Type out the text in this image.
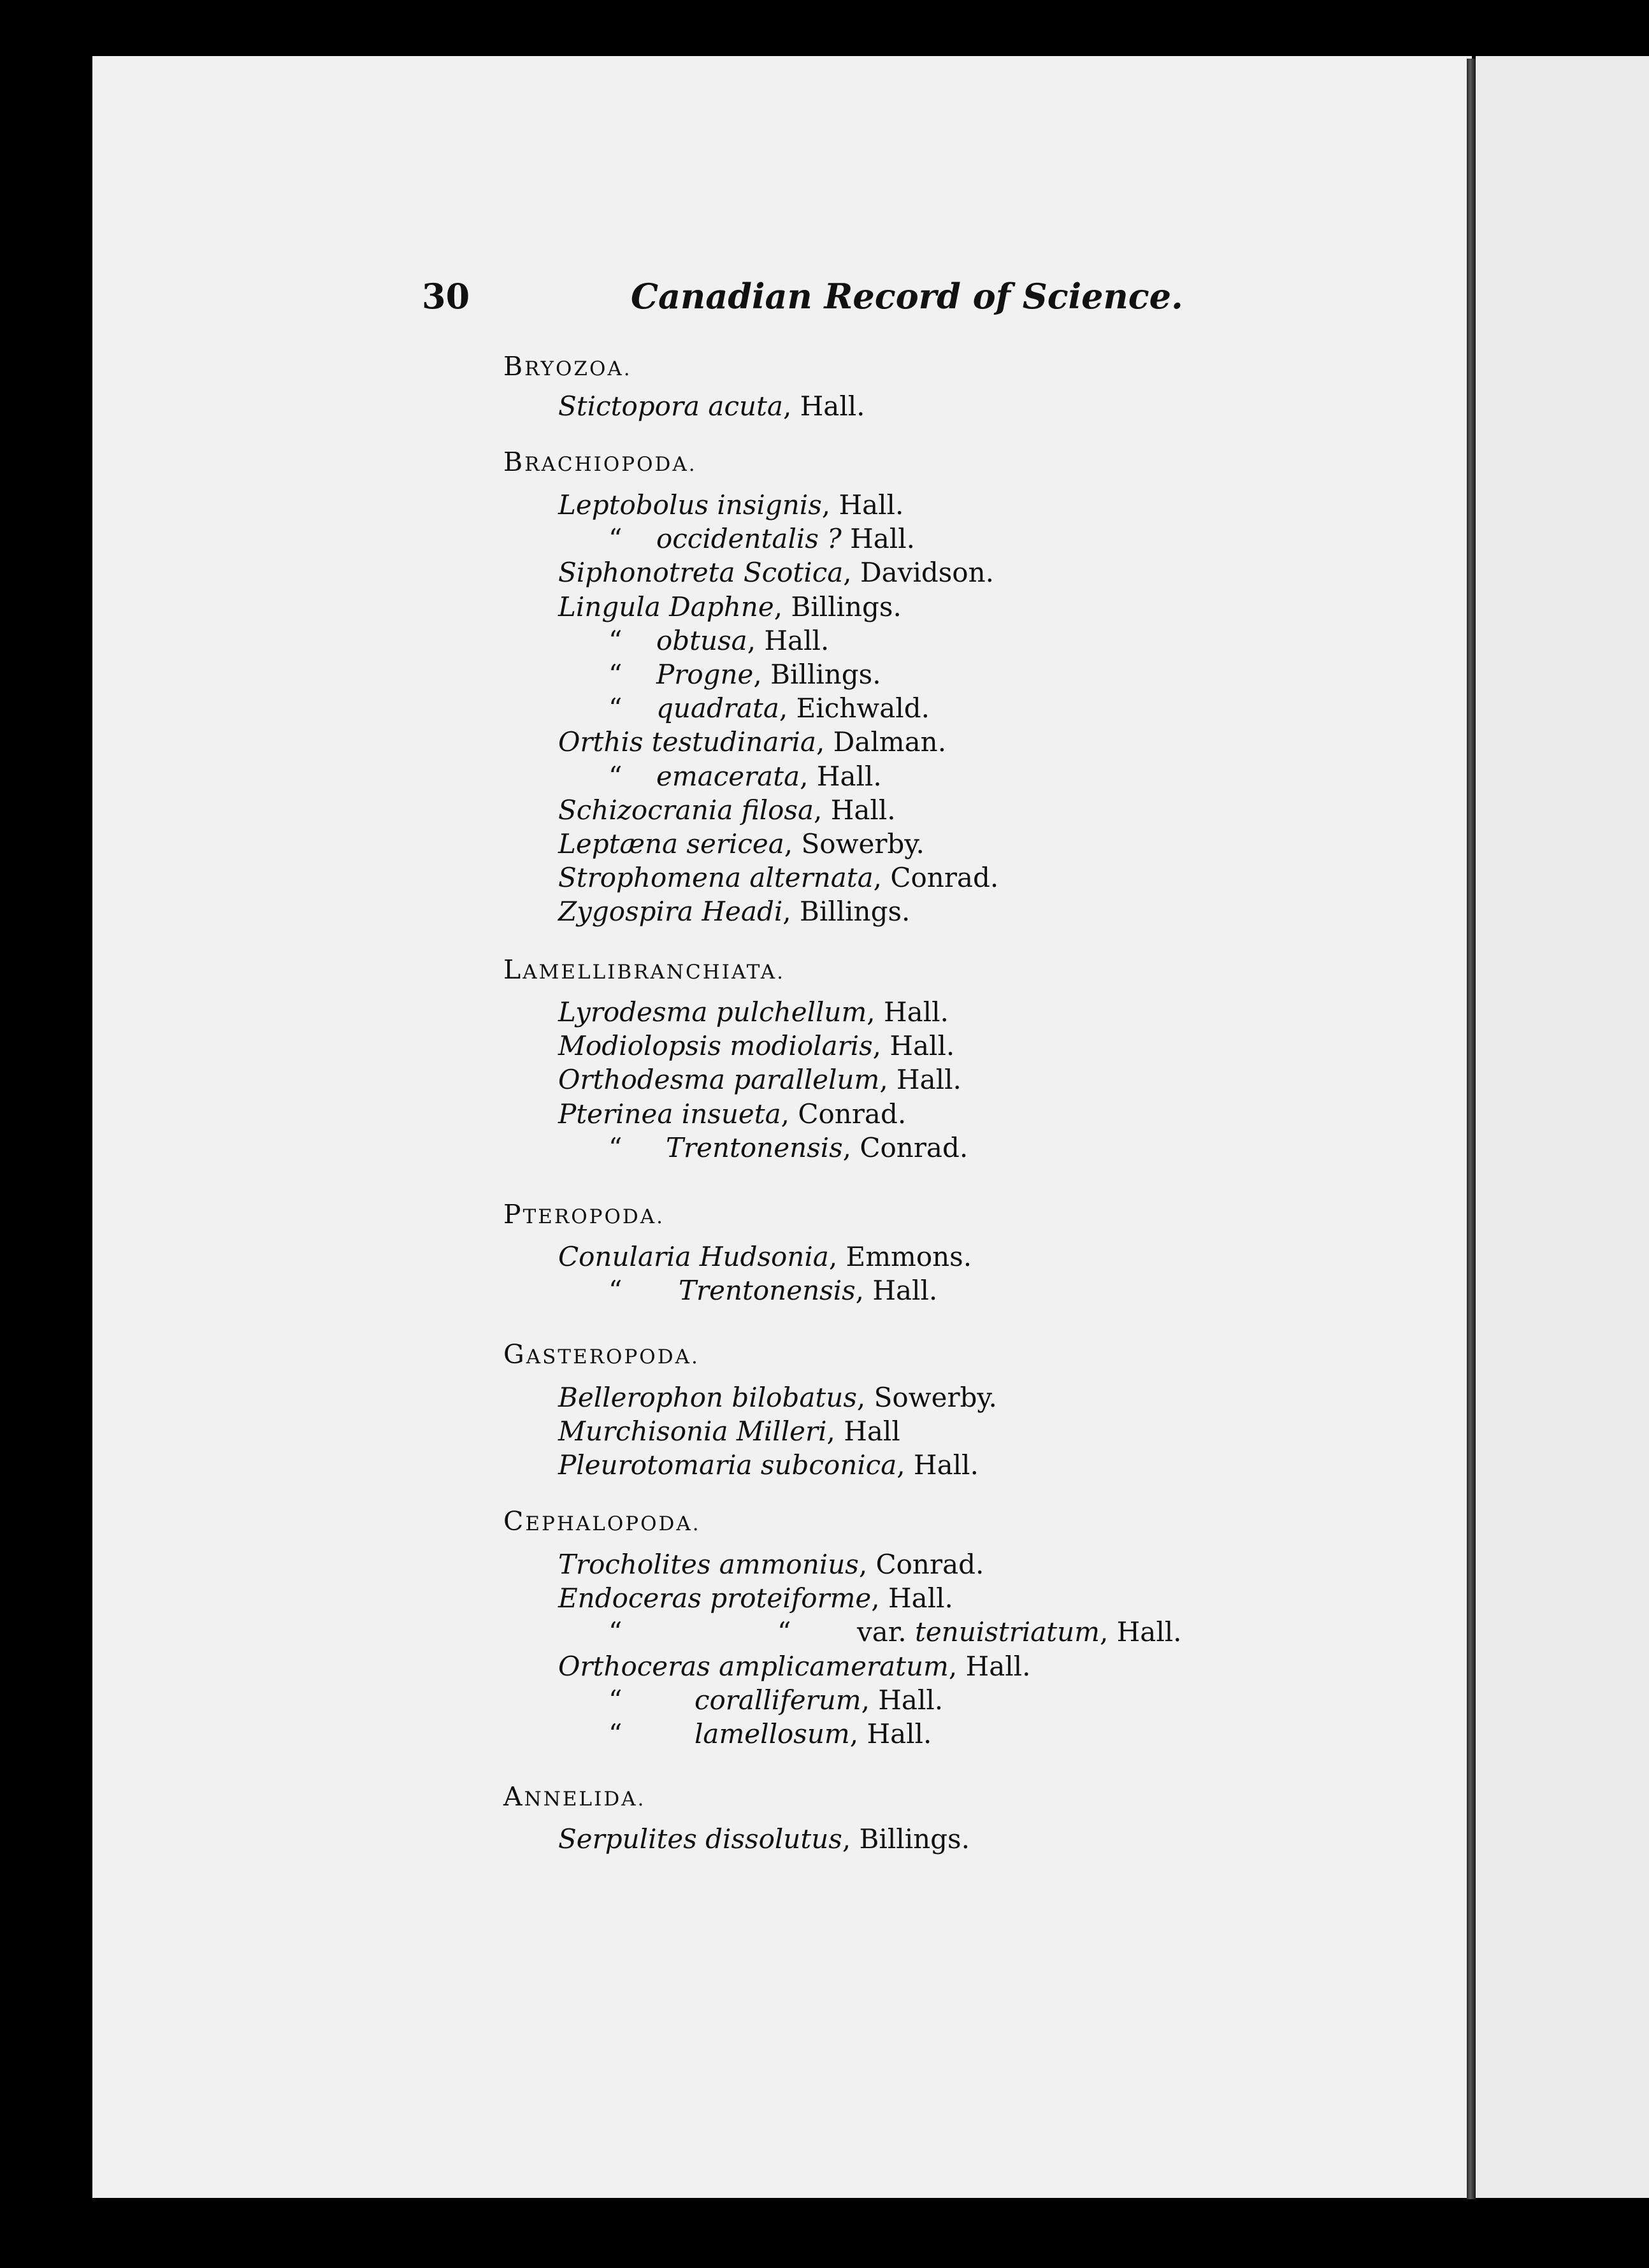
30	Canadian Record of Science.
BRYOZOA.
Stictopora acuta, Hall.
BRACHIOPODA.
Leptobolus insignis, Hall.
“ occidentalis ? Hall.
Siphonotreta Scotica, Davidson.
Lingula Daphne, Billings.
“ obtusa, Hall.
“ Progne, Billings.
“ quadrata, Eichwald.
Orthis testudinaria, Dalman.
“ emacerata, Hall.
Schizocrania filosa, Hall.
Leptæna sericea, Sowerby.
Strophomena alternata, Conrad.
Zygospira Headi, Billings.
LAMELLIBRANCHIATA.
Lyrodesma pulchellum, Hall.
Modiolopsis modiolaris, Hall.
Orthodesma parallelum, Hall.
Pterinea insueta, Conrad.
“ Trentonensis, Conrad.
PTEROPODA.
Conularia Hudsonia, Emmons.
“ Trentonensis, Hall.
GASTEROPODA.
Bellerophon bilobatus, Sowerby.
Murchisonia Milleri, Hall
Pleurotomaria subconica, Hall.
CEPHALOPODA.
Trocholites ammonius, Conrad.
Endoceras proteiforme, Hall.
“	“ var. tenuistriatum, Hall.
Orthoceras amplicameratum, Hall.
“	coralliferum, Hall.
“	lamellosum, Hall.
ANNELIDA.
Serpulites dissolutus, Billings.
